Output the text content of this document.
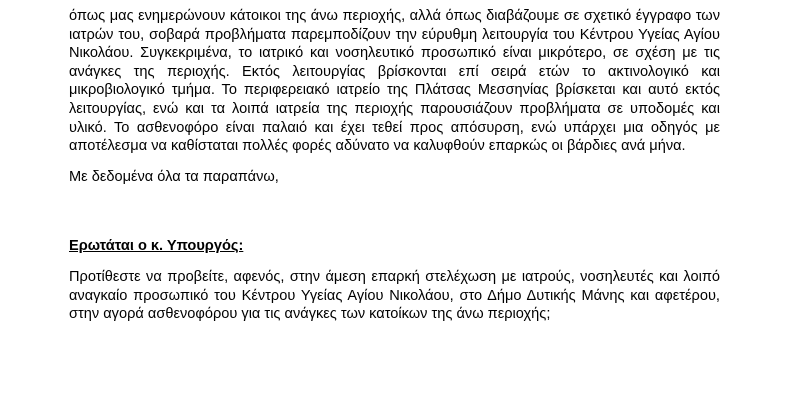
όπως μας ενημερώνουν κάτοικοι της άνω περιοχής, αλλά όπως διαβάζουμε σε σχετικό έγγραφο των ιατρών του, σοβαρά προβλήματα παρεμποδίζουν την εύρυθμη λειτουργία του Κέντρου Υγείας Αγίου Νικολάου. Συγκεκριμένα, το ιατρικό και νοσηλευτικό προσωπικό είναι μικρότερο, σε σχέση με τις ανάγκες της περιοχής. Εκτός λειτουργίας βρίσκονται επί σειρά ετών το ακτινολογικό και μικροβιολογικό τμήμα. Το περιφερειακό ιατρείο της Πλάτσας Μεσσηνίας βρίσκεται και αυτό εκτός λειτουργίας, ενώ και τα λοιπά ιατρεία της περιοχής παρουσιάζουν προβλήματα σε υποδομές και υλικό. Το ασθενοφόρο είναι παλαιό και έχει τεθεί προς απόσυρση, ενώ υπάρχει μια οδηγός με αποτέλεσμα να καθίσταται πολλές φορές αδύνατο να καλυφθούν επαρκώς οι βάρδιες ανά μήνα.

Με δεδομένα όλα τα παραπάνω,

Ερωτάται ο κ. Υπουργός:

Προτίθεστε να προβείτε, αφενός, στην άμεση επαρκή στελέχωση με ιατρούς, νοσηλευτές και λοιπό αναγκαίο προσωπικό του Κέντρου Υγείας Αγίου Νικολάου, στο Δήμο Δυτικής Μάνης και αφετέρου, στην αγορά ασθενοφόρου για τις ανάγκες των κατοίκων της άνω περιοχής;
